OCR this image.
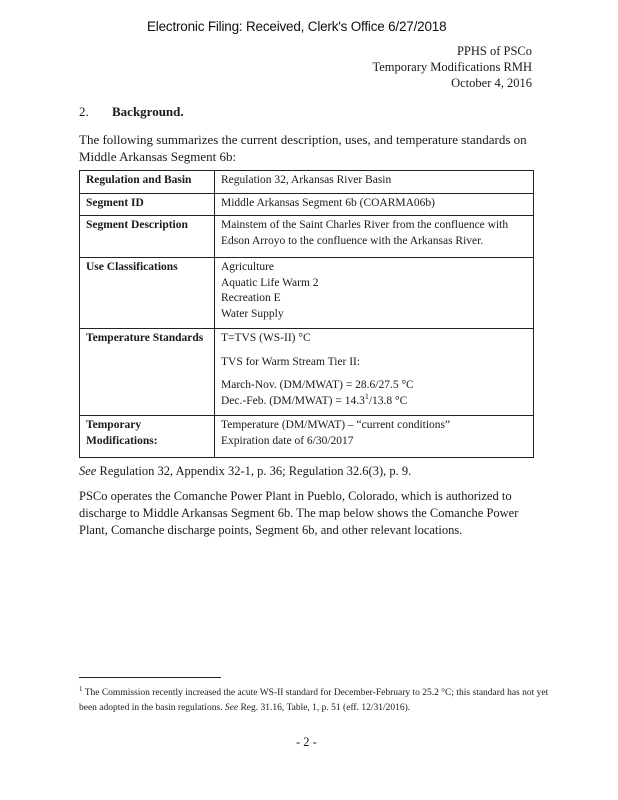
Electronic Filing: Received, Clerk's Office 6/27/2018
PPHS of PSCo
Temporary Modifications RMH
October 4, 2016
2. Background.
The following summarizes the current description, uses, and temperature standards on Middle Arkansas Segment 6b:
Regulation and Basin	Regulation 32, Arkansas River Basin

Segment ID	Middle Arkansas Segment 6b (COARMA06b)

Segment Description	Mainstem of the Saint Charles River from the confluence with Edson Arroyo to the confluence with the Arkansas River.

Use Classifications	Agriculture
Aquatic Life Warm 2
Recreation E
Water Supply

Temperature Standards	T=TVS (WS-II) °C
TVS for Warm Stream Tier II:
March-Nov. (DM/MWAT) = 28.6/27.5 °C
Dec.-Feb. (DM/MWAT) = $14.3^1/13.8$ °C

Temporary Modifications:	Temperature (DM/MWAT) – “current conditions”
Expiration date of 6/30/2017
See Regulation 32, Appendix 32-1, p. 36; Regulation 32.6(3), p. 9.
PSCo operates the Comanche Power Plant in Pueblo, Colorado, which is authorized to discharge to Middle Arkansas Segment 6b. The map below shows the Comanche Power Plant, Comanche discharge points, Segment 6b, and other relevant locations.
$^1$ The Commission recently increased the acute WS-II standard for December-February to 25.2 °C; this standard has not yet been adopted in the basin regulations. See Reg. 31.16, Table, 1, p. 51 (eff. 12/31/2016).
- 2 -
